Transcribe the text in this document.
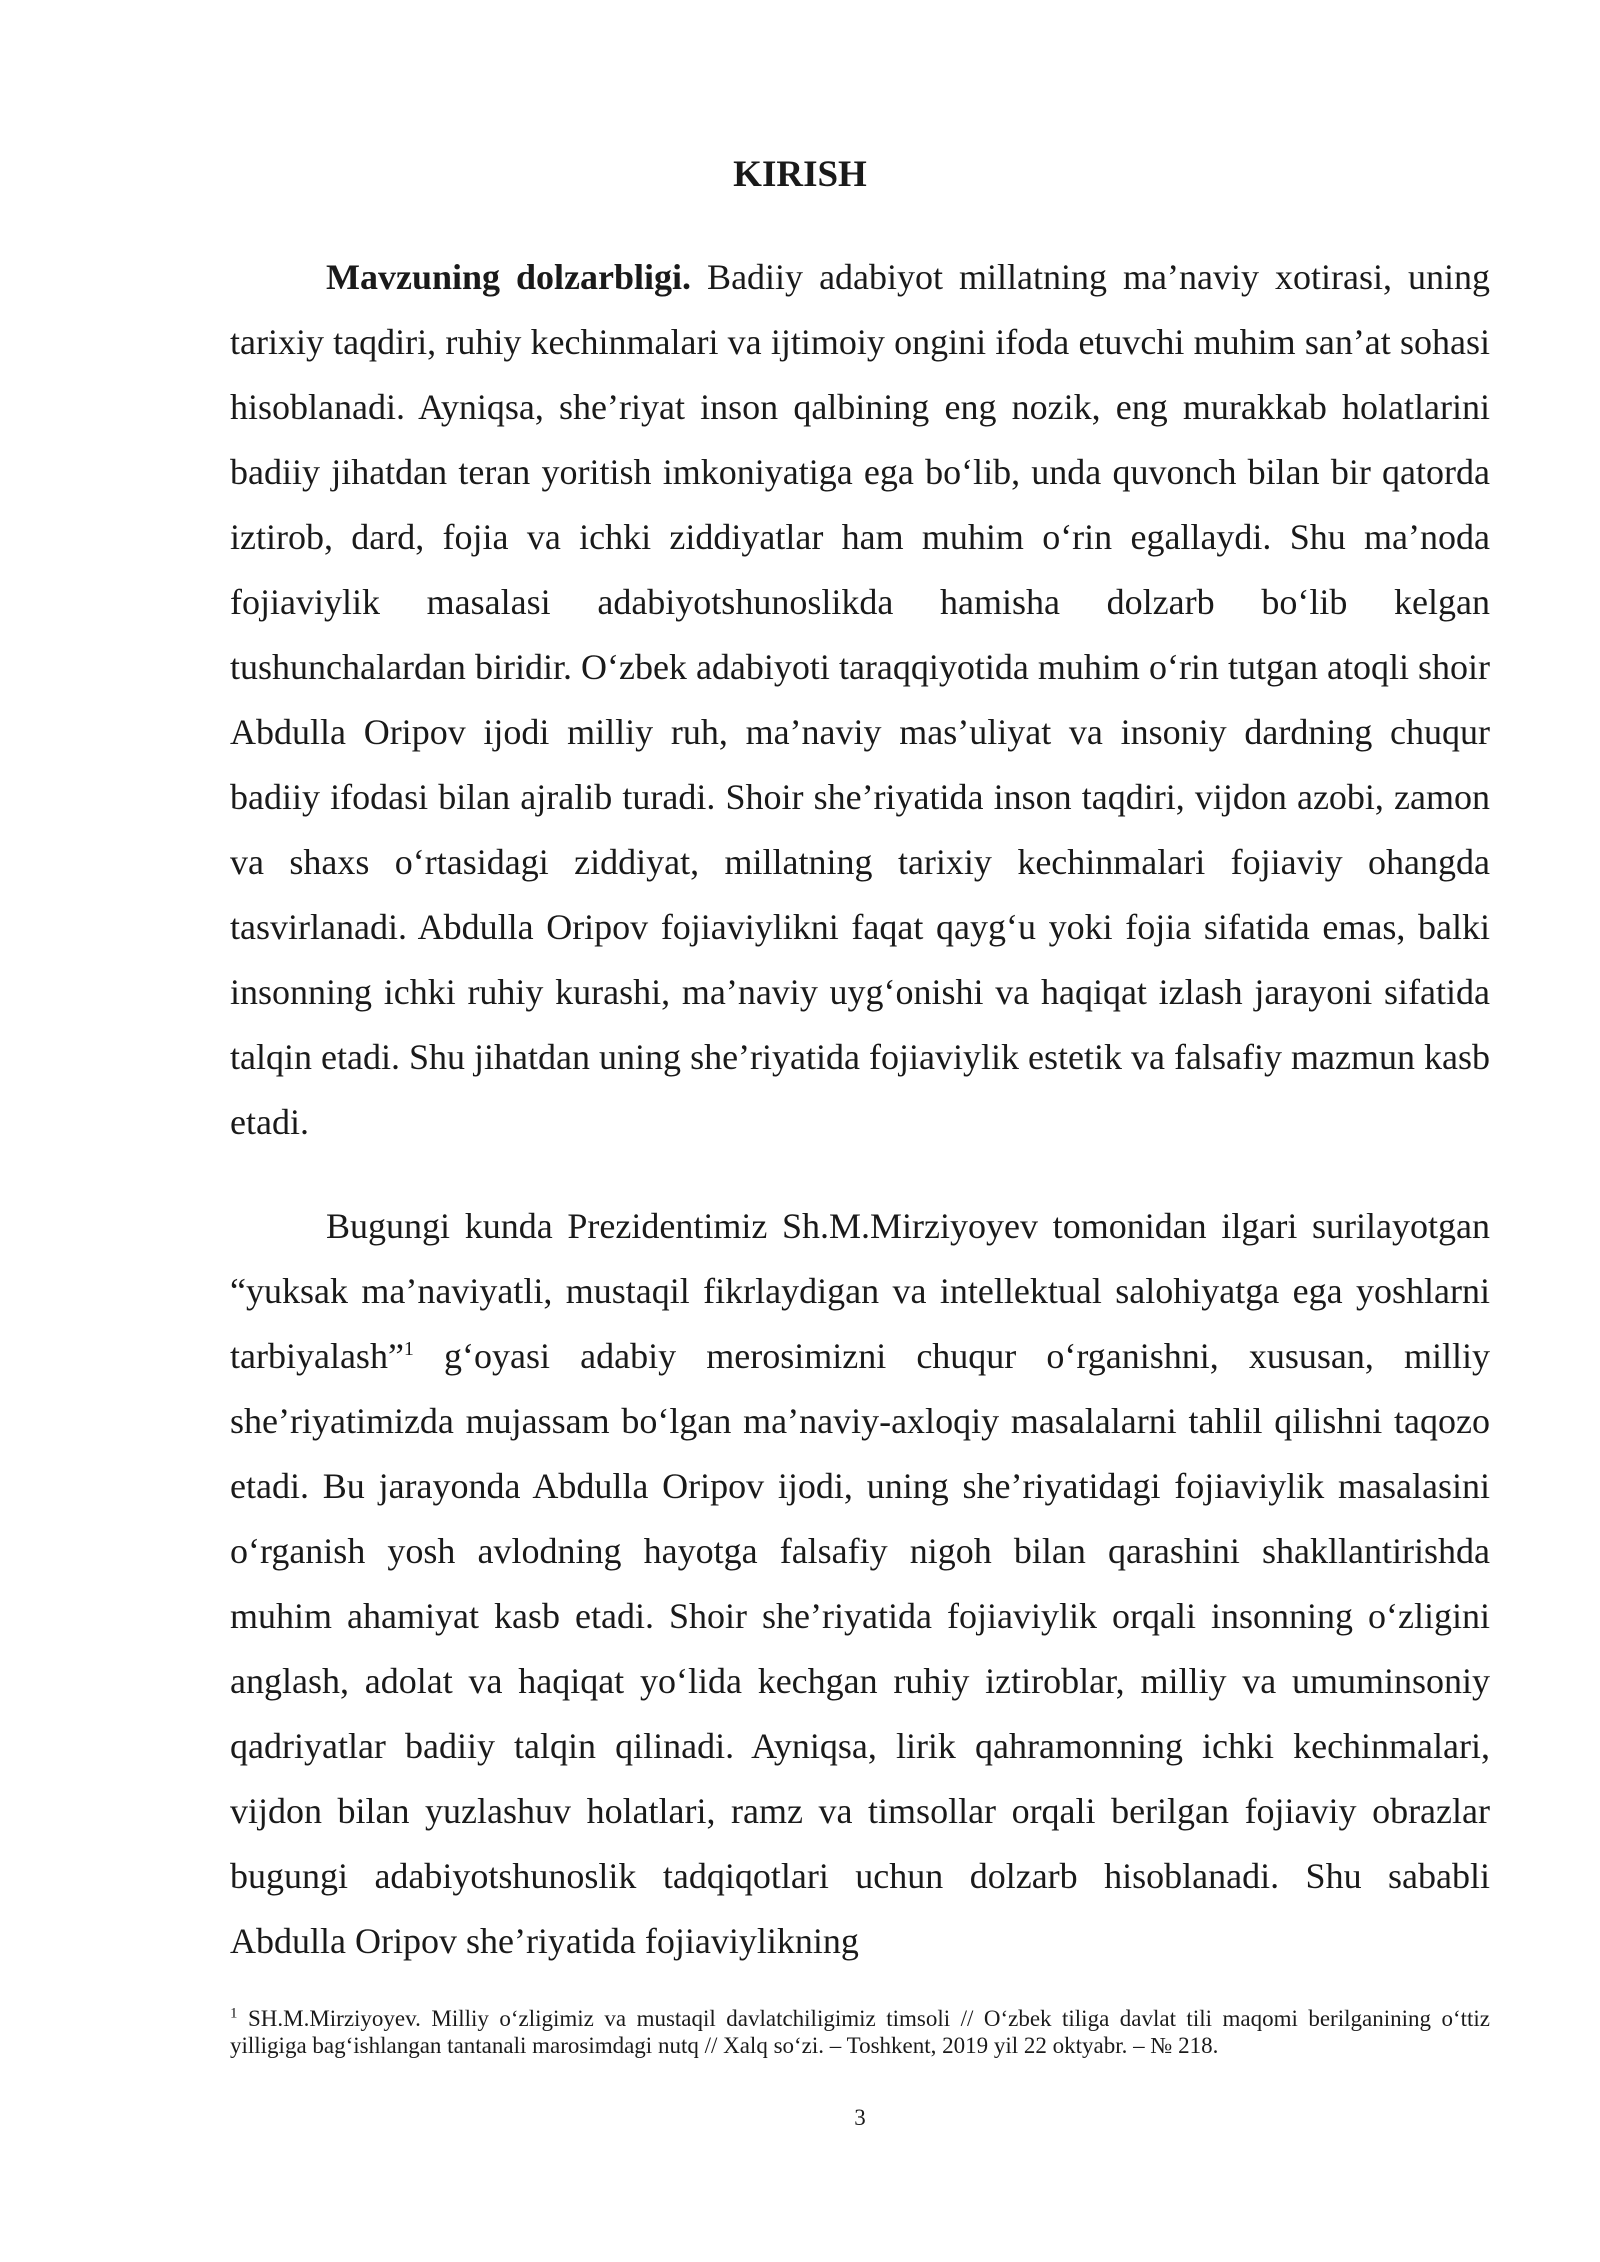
KIRISH

Mavzuning dolzarbligi. Badiiy adabiyot millatning ma’naviy xotirasi, uning tarixiy taqdiri, ruhiy kechinmalari va ijtimoiy ongini ifoda etuvchi muhim san’at sohasi hisoblanadi. Ayniqsa, she’riyat inson qalbining eng nozik, eng murakkab holatlarini badiiy jihatdan teran yoritish imkoniyatiga ega bo‘lib, unda quvonch bilan bir qatorda iztirob, dard, fojia va ichki ziddiyatlar ham muhim o‘rin egallaydi. Shu ma’noda fojiaviylik masalasi adabiyotshunoslikda hamisha dolzarb bo‘lib kelgan tushunchalardan biridir. O‘zbek adabiyoti taraqqiyotida muhim o‘rin tutgan atoqli shoir Abdulla Oripov ijodi milliy ruh, ma’naviy mas’uliyat va insoniy dardning chuqur badiiy ifodasi bilan ajralib turadi. Shoir she’riyatida inson taqdiri, vijdon azobi, zamon va shaxs o‘rtasidagi ziddiyat, millatning tarixiy kechinmalari fojiaviy ohangda tasvirlanadi. Abdulla Oripov fojiaviylikni faqat qayg‘u yoki fojia sifatida emas, balki insonning ichki ruhiy kurashi, ma’naviy uyg‘onishi va haqiqat izlash jarayoni sifatida talqin etadi. Shu jihatdan uning she’riyatida fojiaviylik estetik va falsafiy mazmun kasb etadi.

Bugungi kunda Prezidentimiz Sh.M.Mirziyoyev tomonidan ilgari surilayotgan “yuksak ma’naviyatli, mustaqil fikrlaydigan va intellektual salohiyatga ega yoshlarni tarbiyalash”$^1$ g‘oyasi adabiy merosimizni chuqur o‘rganishni, xususan, milliy she’riyatimizda mujassam bo‘lgan ma’naviy-axloqiy masalalarni tahlil qilishni taqozo etadi. Bu jarayonda Abdulla Oripov ijodi, uning she’riyatidagi fojiaviylik masalasini o‘rganish yosh avlodning hayotga falsafiy nigoh bilan qarashini shakllantirishda muhim ahamiyat kasb etadi. Shoir she’riyatida fojiaviylik orqali insonning o‘zligini anglash, adolat va haqiqat yo‘lida kechgan ruhiy iztiroblar, milliy va umuminsoniy qadriyatlar badiiy talqin qilinadi. Ayniqsa, lirik qahramonning ichki kechinmalari, vijdon bilan yuzlashuv holatlari, ramz va timsollar orqali berilgan fojiaviy obrazlar bugungi adabiyotshunoslik tadqiqotlari uchun dolzarb hisoblanadi. Shu sababli Abdulla Oripov she’riyatida fojiaviylikning

$^1$ SH.M.Mirziyoyev. Milliy o‘zligimiz va mustaqil davlatchiligimiz timsoli // O‘zbek tiliga davlat tili maqomi berilganining o‘ttiz yilligiga bag‘ishlangan tantanali marosimdagi nutq // Xalq so‘zi. – Toshkent, 2019 yil 22 oktyabr. – № 218.

3
